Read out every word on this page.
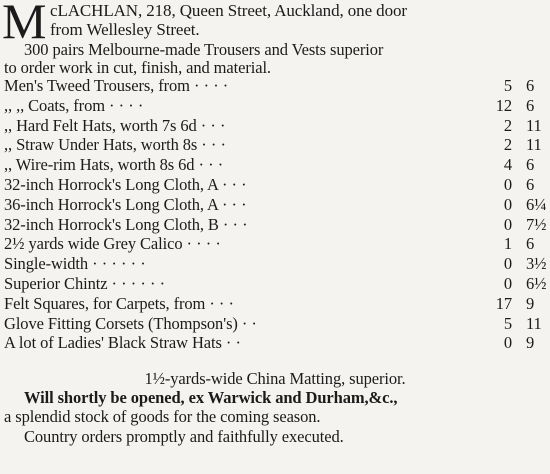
M cLACHLAN, 218, Queen Street, Auckland, one door
from Wellesley Street.
300 pairs Melbourne-made Trousers and Vests superior
to order work in cut, finish, and material.
Men's Tweed Trousers, from · · · ·	5 6
,, ,, Coats, from · · · ·	12 6
,, Hard Felt Hats, worth 7s 6d · · ·	2 11
,, Straw Under Hats, worth 8s · · ·	2 11
,, Wire-rim Hats, worth 8s 6d · · ·	4 6
32-inch Horrock's Long Cloth, A · · ·	0 6
36-inch Horrock's Long Cloth, A · · ·	0 6¼
32-inch Horrock's Long Cloth, B · · ·	0 7½
2½ yards wide Grey Calico · · · ·	1 6
Single-width · · · · · ·	0 3½
Superior Chintz · · · · · ·	0 6½
Felt Squares, for Carpets, from · · ·	17 9
Glove Fitting Corsets (Thompson's) · ·	5 11
A lot of Ladies' Black Straw Hats · ·	0 9
1½-yards-wide China Matting, superior.
Will shortly be opened, ex Warwick and Durham,&c.,
a splendid stock of goods for the coming season.
Country orders promptly and faithfully executed.
